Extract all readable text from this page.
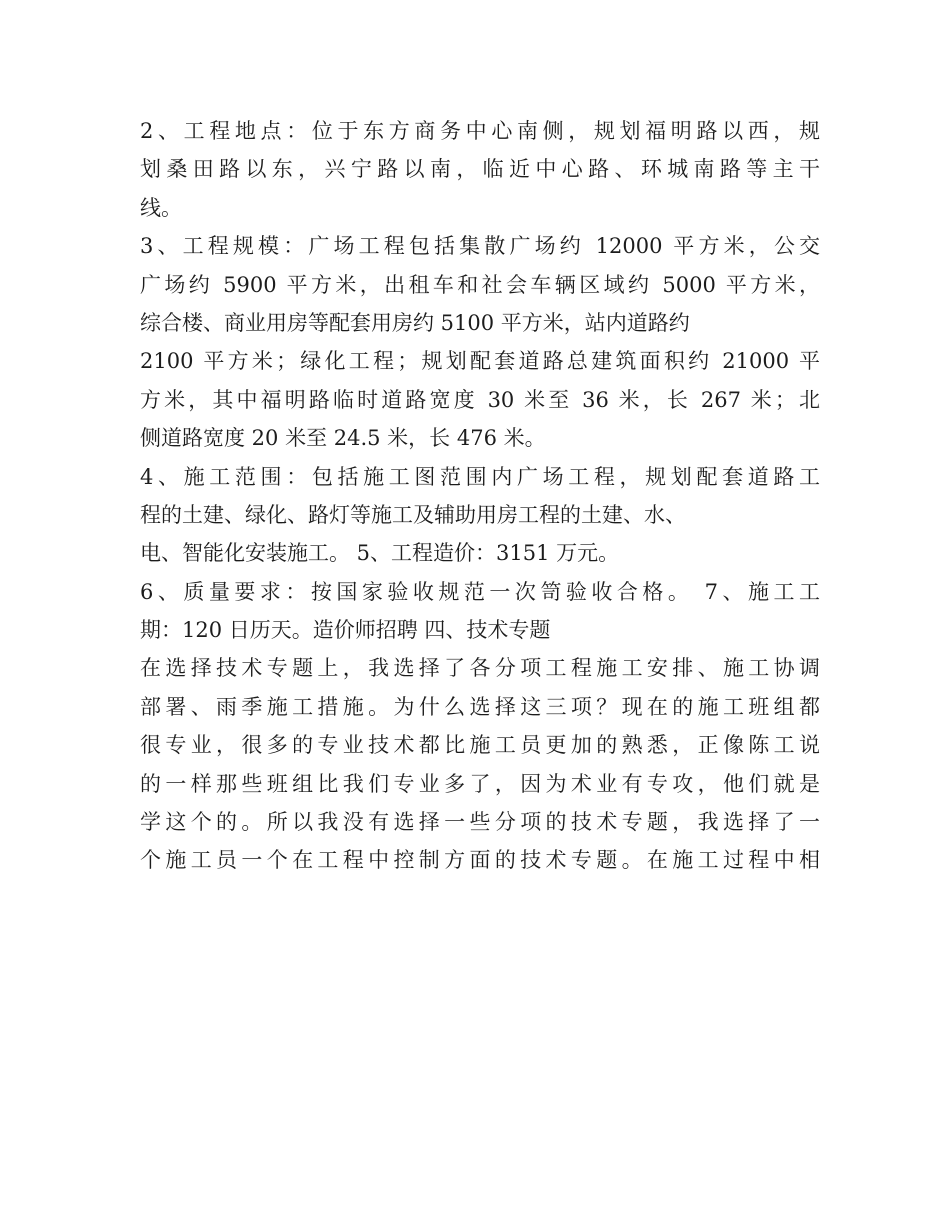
2、工程地点：位于东方商务中心南侧，规划福明路以西，规
划桑田路以东，兴宁路以南，临近中心路、环城南路等主干
线。
3、工程规模：广场工程包括集散广场约 12000 平方米，公交
广场约 5900 平方米，出租车和社会车辆区域约 5000 平方米，
综合楼、商业用房等配套用房约 5100 平方米，站内道路约
2100 平方米；绿化工程；规划配套道路总建筑面积约 21000 平
方米，其中福明路临时道路宽度 30 米至 36 米，长 267 米；北
侧道路宽度 20 米至 24.5 米，长 476 米。
4、施工范围：包括施工图范围内广场工程，规划配套道路工
程的土建、绿化、路灯等施工及辅助用房工程的土建、水、
电、智能化安装施工。 5、工程造价：3151 万元。
6、质量要求：按国家验收规范一次笥验收合格。 7、施工工
期：120 日历天。造价师招聘 四、技术专题
在选择技术专题上，我选择了各分项工程施工安排、施工协调
部署、雨季施工措施。为什么选择这三项？现在的施工班组都
很专业，很多的专业技术都比施工员更加的熟悉，正像陈工说
的一样那些班组比我们专业多了，因为术业有专攻，他们就是
学这个的。所以我没有选择一些分项的技术专题，我选择了一
个施工员一个在工程中控制方面的技术专题。在施工过程中相
